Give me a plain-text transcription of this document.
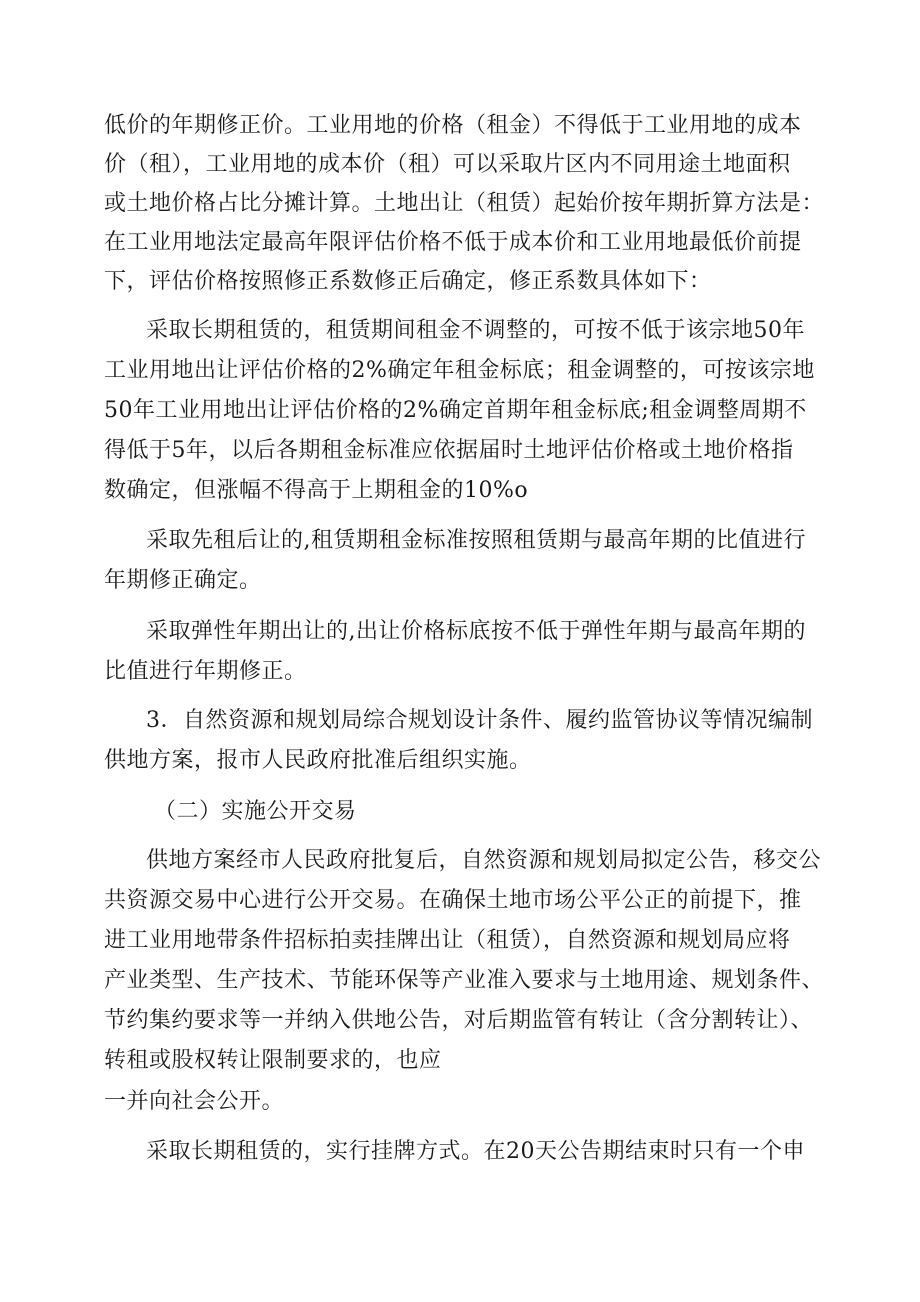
低价的年期修正价。工业用地的价格（租金）不得低于工业用地的成本
价（租），工业用地的成本价（租）可以采取片区内不同用途土地面积
或土地价格占比分摊计算。土地出让（租赁）起始价按年期折算方法是：
在工业用地法定最高年限评估价格不低于成本价和工业用地最低价前提
下，评估价格按照修正系数修正后确定，修正系数具体如下：
采取长期租赁的，租赁期间租金不调整的，可按不低于该宗地50年
工业用地出让评估价格的2%确定年租金标底；租金调整的，可按该宗地
50年工业用地出让评估价格的2%确定首期年租金标底;租金调整周期不
得低于5年，以后各期租金标准应依据届时土地评估价格或土地价格指
数确定，但涨幅不得高于上期租金的10%o
采取先租后让的,租赁期租金标准按照租赁期与最高年期的比值进行
年期修正确定。
采取弹性年期出让的,出让价格标底按不低于弹性年期与最高年期的
比值进行年期修正。
3．自然资源和规划局综合规划设计条件、履约监管协议等情况编制
供地方案，报市人民政府批准后组织实施。
（二）实施公开交易
供地方案经市人民政府批复后，自然资源和规划局拟定公告，移交公
共资源交易中心进行公开交易。在确保土地市场公平公正的前提下，推
进工业用地带条件招标拍卖挂牌出让（租赁），自然资源和规划局应将
产业类型、生产技术、节能环保等产业准入要求与土地用途、规划条件、
节约集约要求等一并纳入供地公告，对后期监管有转让（含分割转让）、
转租或股权转让限制要求的，也应
一并向社会公开。
采取长期租赁的，实行挂牌方式。在20天公告期结束时只有一个申
